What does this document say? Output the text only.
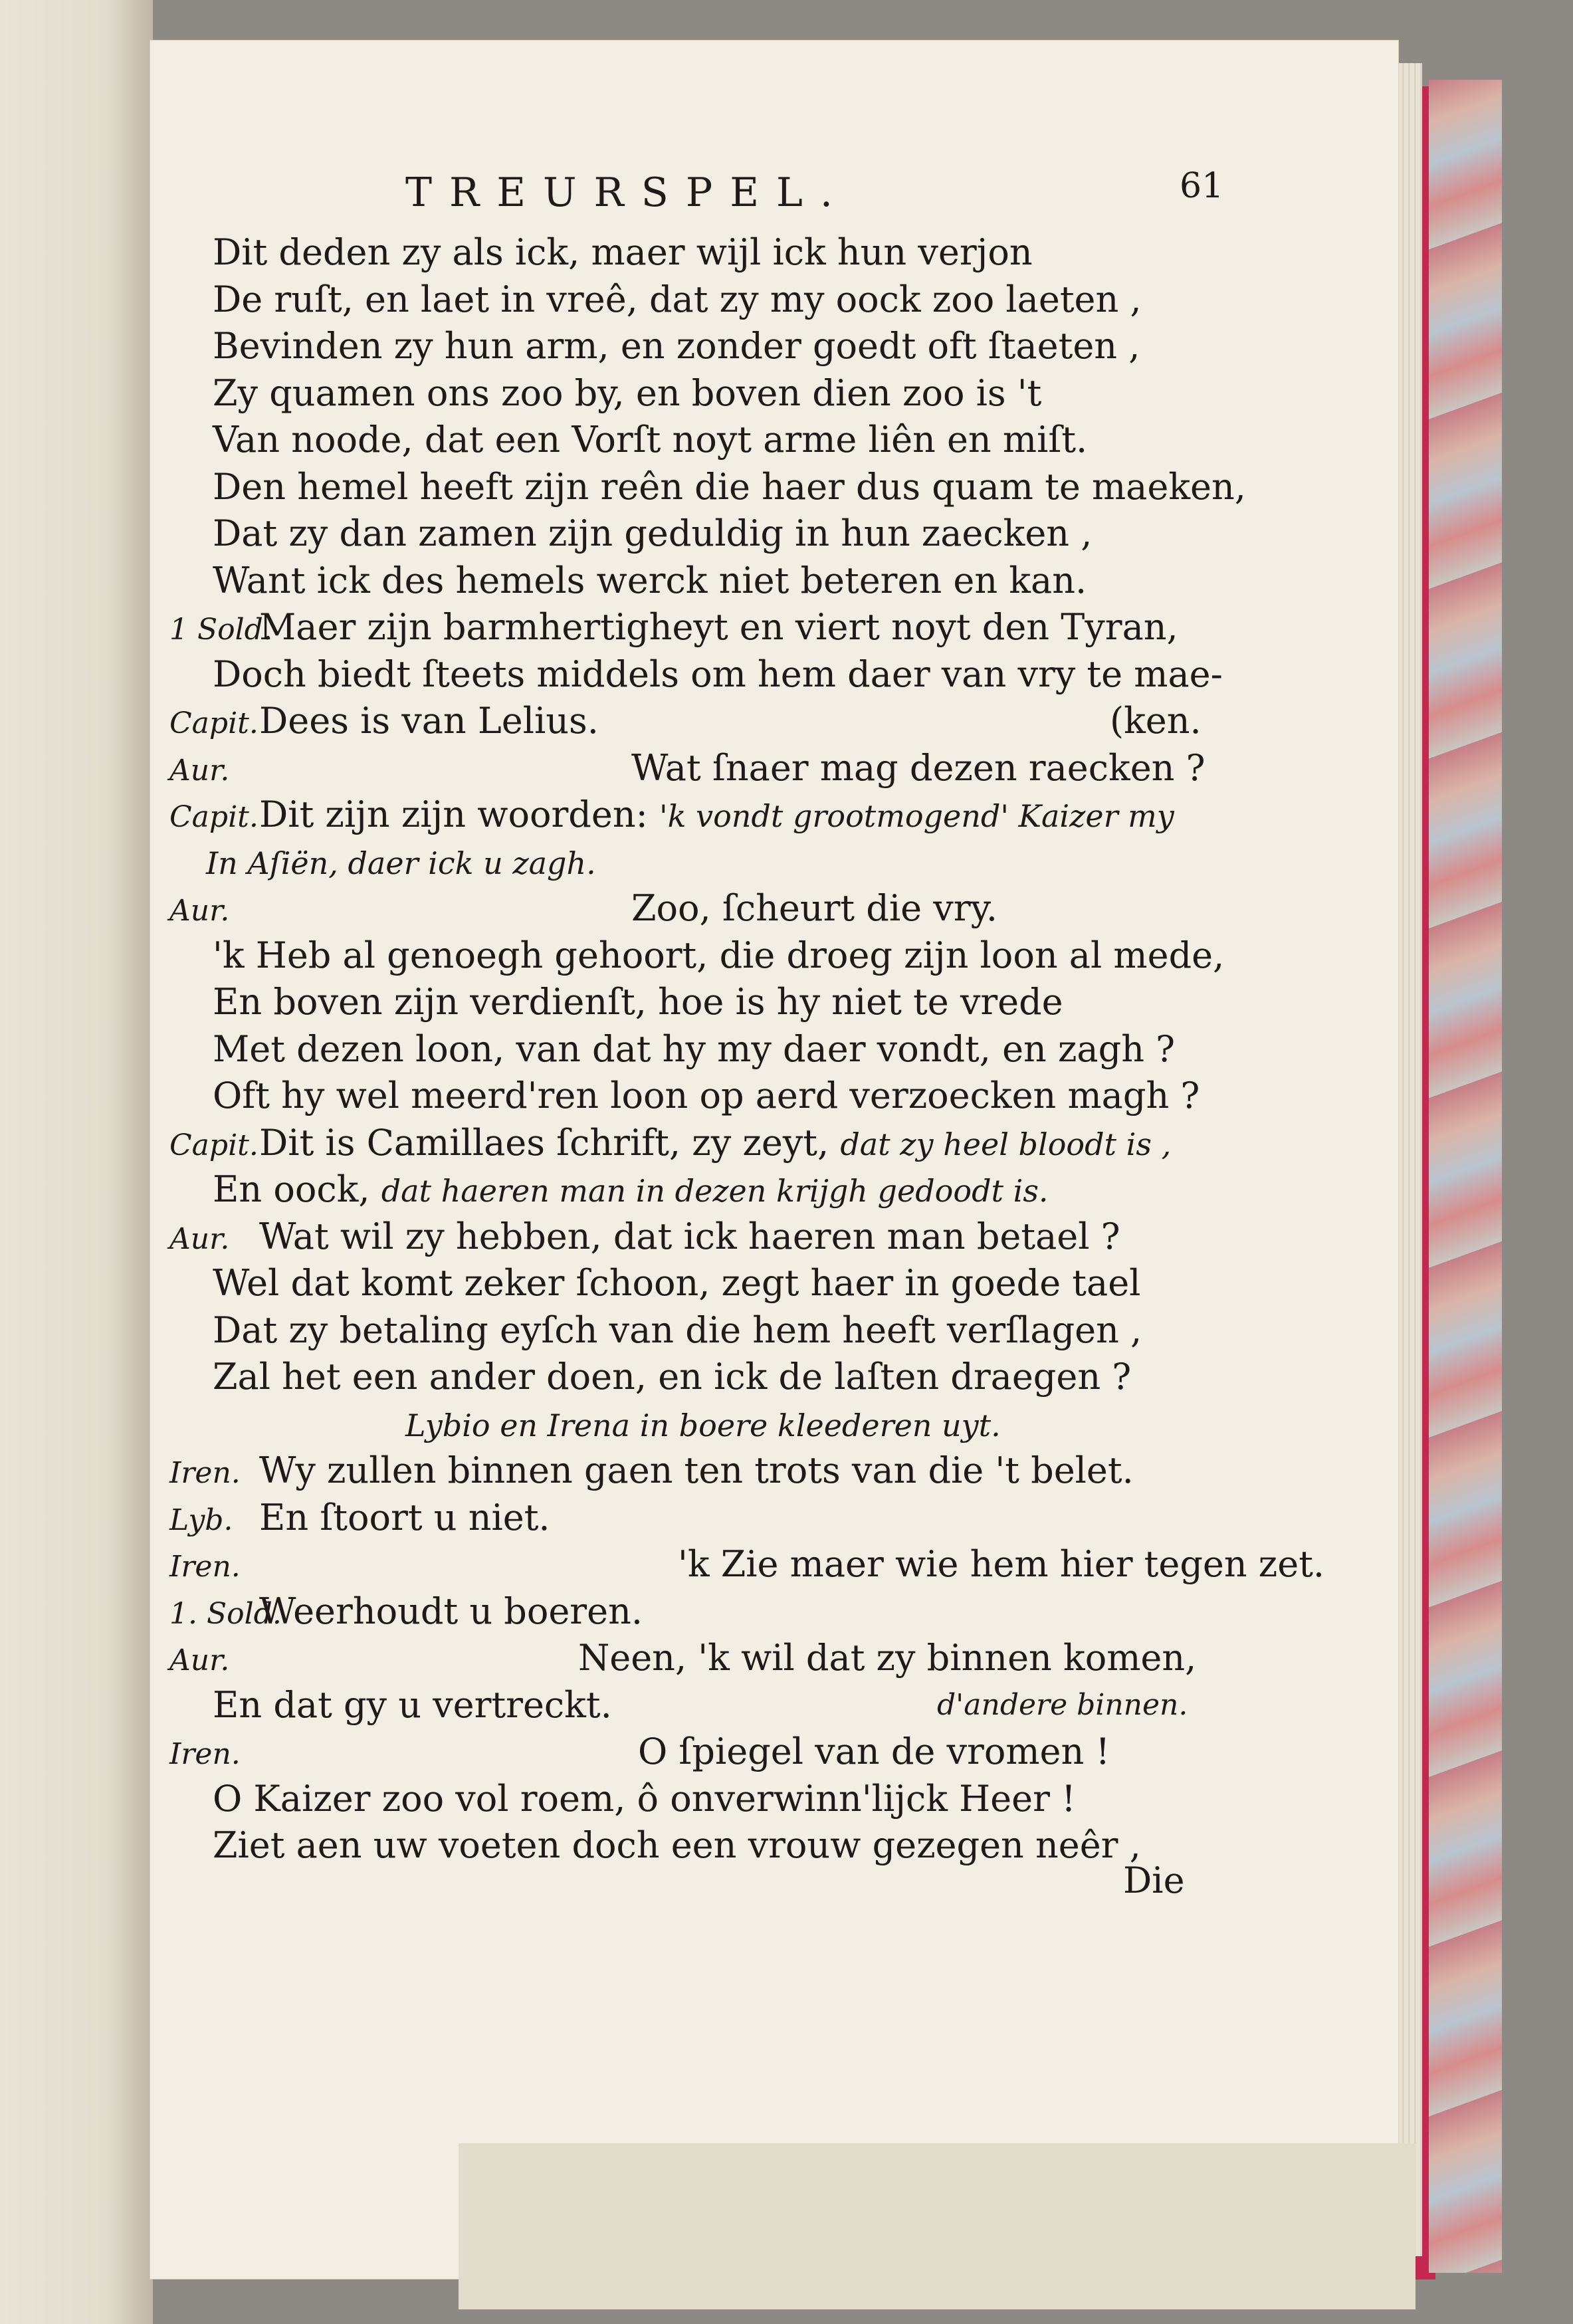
TREURSPEL.	61
Dit deden zy als ick, maer wijl ick hun verjon
De ruſt, en laet in vreê, dat zy my oock zoo laeten ,
Bevinden zy hun arm, en zonder goedt oft ſtaeten ,
Zy quamen ons zoo by, en boven dien zoo is 't
Van noode, dat een Vorſt noyt arme liên en miſt.
Den hemel heeft zijn reên die haer dus quam te maeken,
Dat zy dan zamen zijn geduldig in hun zaecken ,
Want ick des hemels werck niet beteren en kan.
1 Sold.
Maer zijn barmhertigheyt en viert noyt den Tyran,
Doch biedt ſteets middels om hem daer van vry te mae-
Capit. Dees is van Lelius.	(ken.
Aur.	Wat ſnaer mag dezen raecken ?
Capit. Dit zijn zijn woorden: 'k vondt grootmogend' Kaizer my
In Aſiën, daer ick u zagh.
Aur.	Zoo, ſcheurt die vry.
'k Heb al genoegh gehoort, die droeg zijn loon al mede,
En boven zijn verdienſt, hoe is hy niet te vrede
Met dezen loon, van dat hy my daer vondt, en zagh ?
Oft hy wel meerd'ren loon op aerd verzoecken magh ?
Capit. Dit is Camillaes ſchrift, zy zeyt, dat zy heel bloodt is ,
En oock, dat haeren man in dezen krijgh gedoodt is.
Aur. Wat wil zy hebben, dat ick haeren man betael ?
Wel dat komt zeker ſchoon, zegt haer in goede tael
Dat zy betaling eyſch van die hem heeft verſlagen ,
Zal het een ander doen, en ick de laſten draegen ?
Lybio en Irena in boere kleederen uyt.
Iren. Wy zullen binnen gaen ten trots van die 't belet.
Lyb. En ſtoort u niet.
Iren.	'k Zie maer wie hem hier tegen zet.
1. Sold.
Weerhoudt u boeren.
Aur.	Neen, 'k wil dat zy binnen komen,
En dat gy u vertreckt.	d'andere binnen.
Iren.	O ſpiegel van de vromen !
O Kaizer zoo vol roem, ô onverwinn'lijck Heer !
Ziet aen uw voeten doch een vrouw gezegen neêr ,
Die
